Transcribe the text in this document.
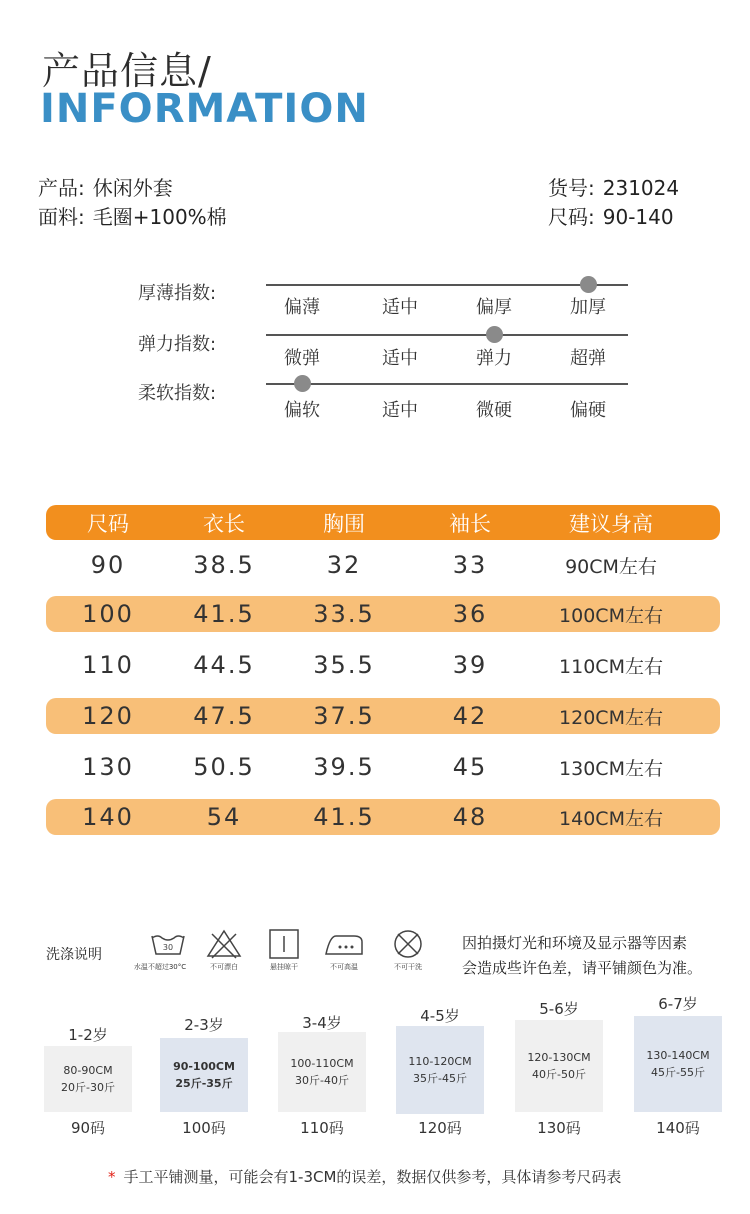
产品信息/
INFORMATION
产品: 休闲外套
面料: 毛圈+100%棉
货号: 231024
尺码: 90-140
厚薄指数:
偏薄	适中	偏厚	加厚
弹力指数:
微弹	适中	弹力	超弹
柔软指数:
偏软	适中	微硬	偏硬
尺码	衣长	胸围	袖长	建议身高
90	38.5	32	33	90CM左右
100	41.5	33.5	36	100CM左右
110	44.5	35.5	39	110CM左右
120	47.5	37.5	42	120CM左右
130	50.5	39.5	45	130CM左右
140	54	41.5	48	140CM左右
洗涤说明	30
水温不超过30°C	不可漂白	悬挂晾干	不可高温	不可干洗
因拍摄灯光和环境及显示器等因素
会造成些许色差，请平铺颜色为准。
1-2岁
80-90CM
20斤-30斤
90码
2-3岁
90-100CM
25斤-35斤
100码
3-4岁
100-110CM
30斤-40斤
110码
4-5岁
110-120CM
35斤-45斤
120码
5-6岁
120-130CM
40斤-50斤
130码
6-7岁
130-140CM
45斤-55斤
140码
* 手工平铺测量，可能会有1-3CM的误差，数据仅供参考，具体请参考尺码表
